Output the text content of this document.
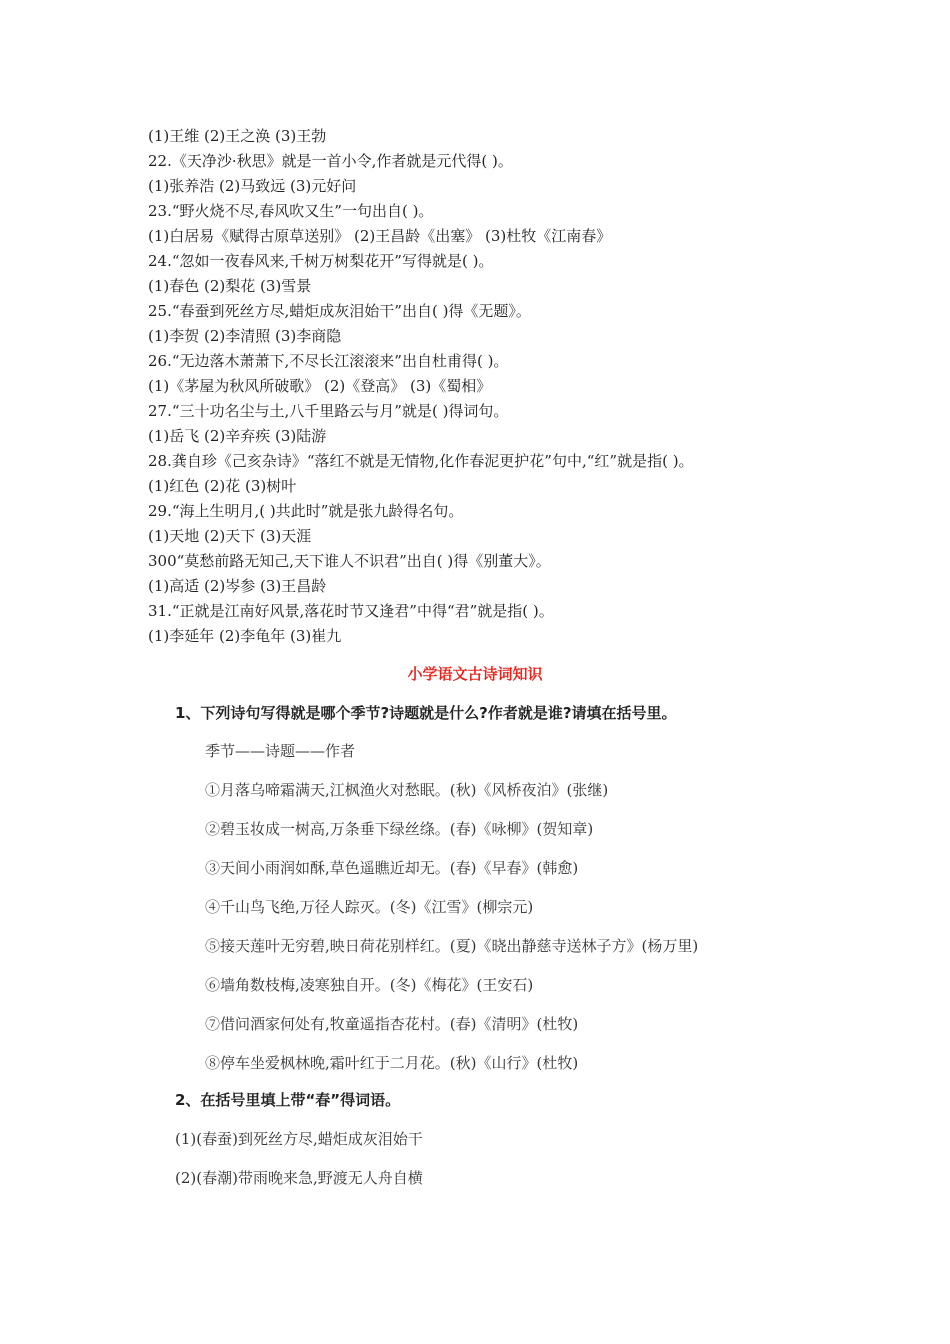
(1)王维 (2)王之涣 (3)王勃
22.《天净沙·秋思》就是一首小令,作者就是元代得( )。
(1)张养浩 (2)马致远 (3)元好问
23.“野火烧不尽,春风吹又生”一句出自( )。
(1)白居易《赋得古原草送别》 (2)王昌龄《出塞》 (3)杜牧《江南春》
24.“忽如一夜春风来,千树万树梨花开”写得就是( )。
(1)春色 (2)梨花 (3)雪景
25.“春蚕到死丝方尽,蜡炬成灰泪始干”出自( )得《无题》。
(1)李贺 (2)李清照 (3)李商隐
26.“无边落木萧萧下,不尽长江滚滚来”出自杜甫得( )。
(1)《茅屋为秋风所破歌》 (2)《登高》 (3)《蜀相》
27.“三十功名尘与土,八千里路云与月”就是( )得词句。
(1)岳飞 (2)辛弃疾 (3)陆游
28.龚自珍《己亥杂诗》“落红不就是无情物,化作春泥更护花”句中,“红”就是指( )。
(1)红色 (2)花 (3)树叶
29.“海上生明月,( )共此时”就是张九龄得名句。
(1)天地 (2)天下 (3)天涯
300“莫愁前路无知己,天下谁人不识君”出自( )得《别董大》。
(1)高适 (2)岑参 (3)王昌龄
31.“正就是江南好风景,落花时节又逢君”中得“君”就是指( )。
(1)李延年 (2)李龟年 (3)崔九
小学语文古诗词知识
1、下列诗句写得就是哪个季节?诗题就是什么?作者就是谁?请填在括号里。
季节——诗题——作者
①月落乌啼霜满天,江枫渔火对愁眠。(秋)《风桥夜泊》(张继)
②碧玉妆成一树高,万条垂下绿丝绦。(春)《咏柳》(贺知章)
③天间小雨润如酥,草色遥瞧近却无。(春)《早春》(韩愈)
④千山鸟飞绝,万径人踪灭。(冬)《江雪》(柳宗元)
⑤接天莲叶无穷碧,映日荷花别样红。(夏)《晓出静慈寺送林子方》(杨万里)
⑥墙角数枝梅,凌寒独自开。(冬)《梅花》(王安石)
⑦借问酒家何处有,牧童遥指杏花村。(春)《清明》(杜牧)
⑧停车坐爱枫林晚,霜叶红于二月花。(秋)《山行》(杜牧)
2、在括号里填上带“春”得词语。
(1)(春蚕)到死丝方尽,蜡炬成灰泪始干
(2)(春潮)带雨晚来急,野渡无人舟自横
